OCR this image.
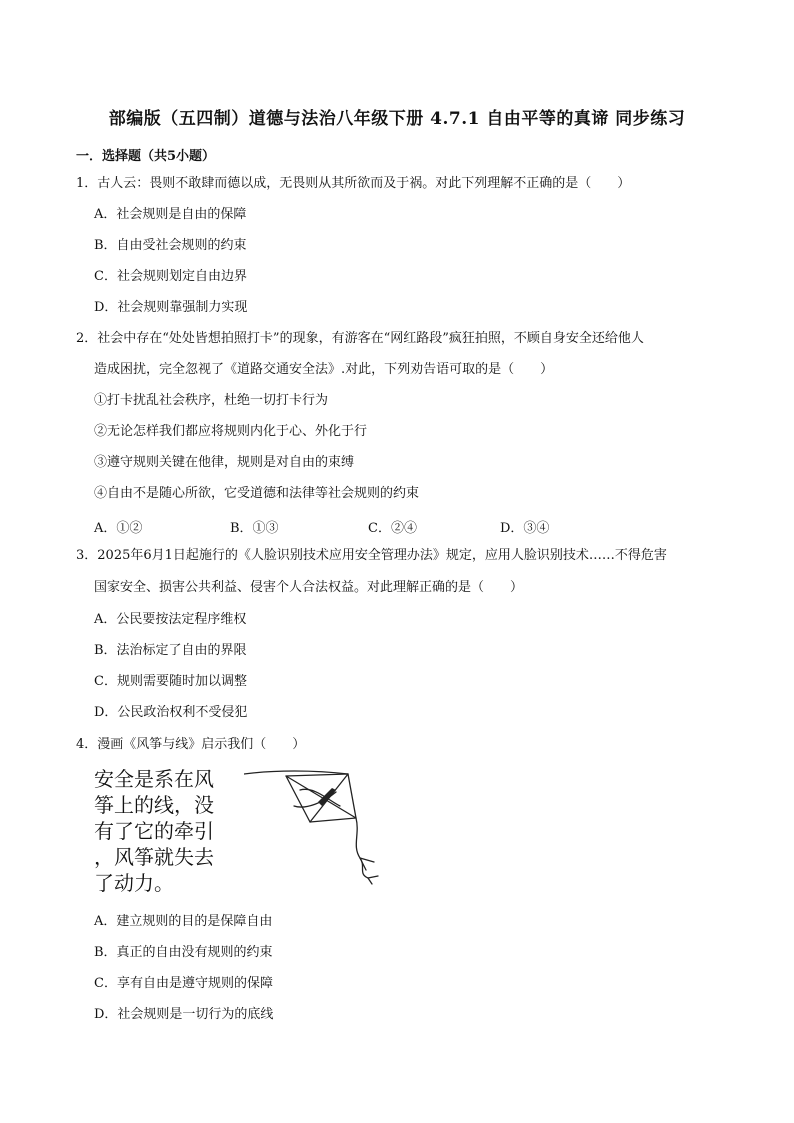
部编版（五四制）道德与法治八年级下册 4.7.1 自由平等的真谛 同步练习
一．选择题（共5小题）
1．古人云：畏则不敢肆而德以成，无畏则从其所欲而及于祸。对此下列理解不正确的是（　　）
A．社会规则是自由的保障
B．自由受社会规则的约束
C．社会规则划定自由边界
D．社会规则靠强制力实现
2．社会中存在“处处皆想拍照打卡”的现象，有游客在“网红路段”疯狂拍照，不顾自身安全还给他人
造成困扰，完全忽视了《道路交通安全法》.对此，下列劝告语可取的是（　　）
①打卡扰乱社会秩序，杜绝一切打卡行为
②无论怎样我们都应将规则内化于心、外化于行
③遵守规则关键在他律，规则是对自由的束缚
④自由不是随心所欲，它受道德和法律等社会规则的约束
A．①②	B．①③	C．②④	D．③④
3．2025年6月1日起施行的《人脸识别技术应用安全管理办法》规定，应用人脸识别技术……不得危害
国家安全、损害公共利益、侵害个人合法权益。对此理解正确的是（　　）
A．公民要按法定程序维权
B．法治标定了自由的界限
C．规则需要随时加以调整
D．公民政治权利不受侵犯
4．漫画《风筝与线》启示我们（　　）
安全是系在风
筝上的线，没
有了它的牵引
，风筝就失去
了动力。
A．建立规则的目的是保障自由
B．真正的自由没有规则的约束
C．享有自由是遵守规则的保障
D．社会规则是一切行为的底线
